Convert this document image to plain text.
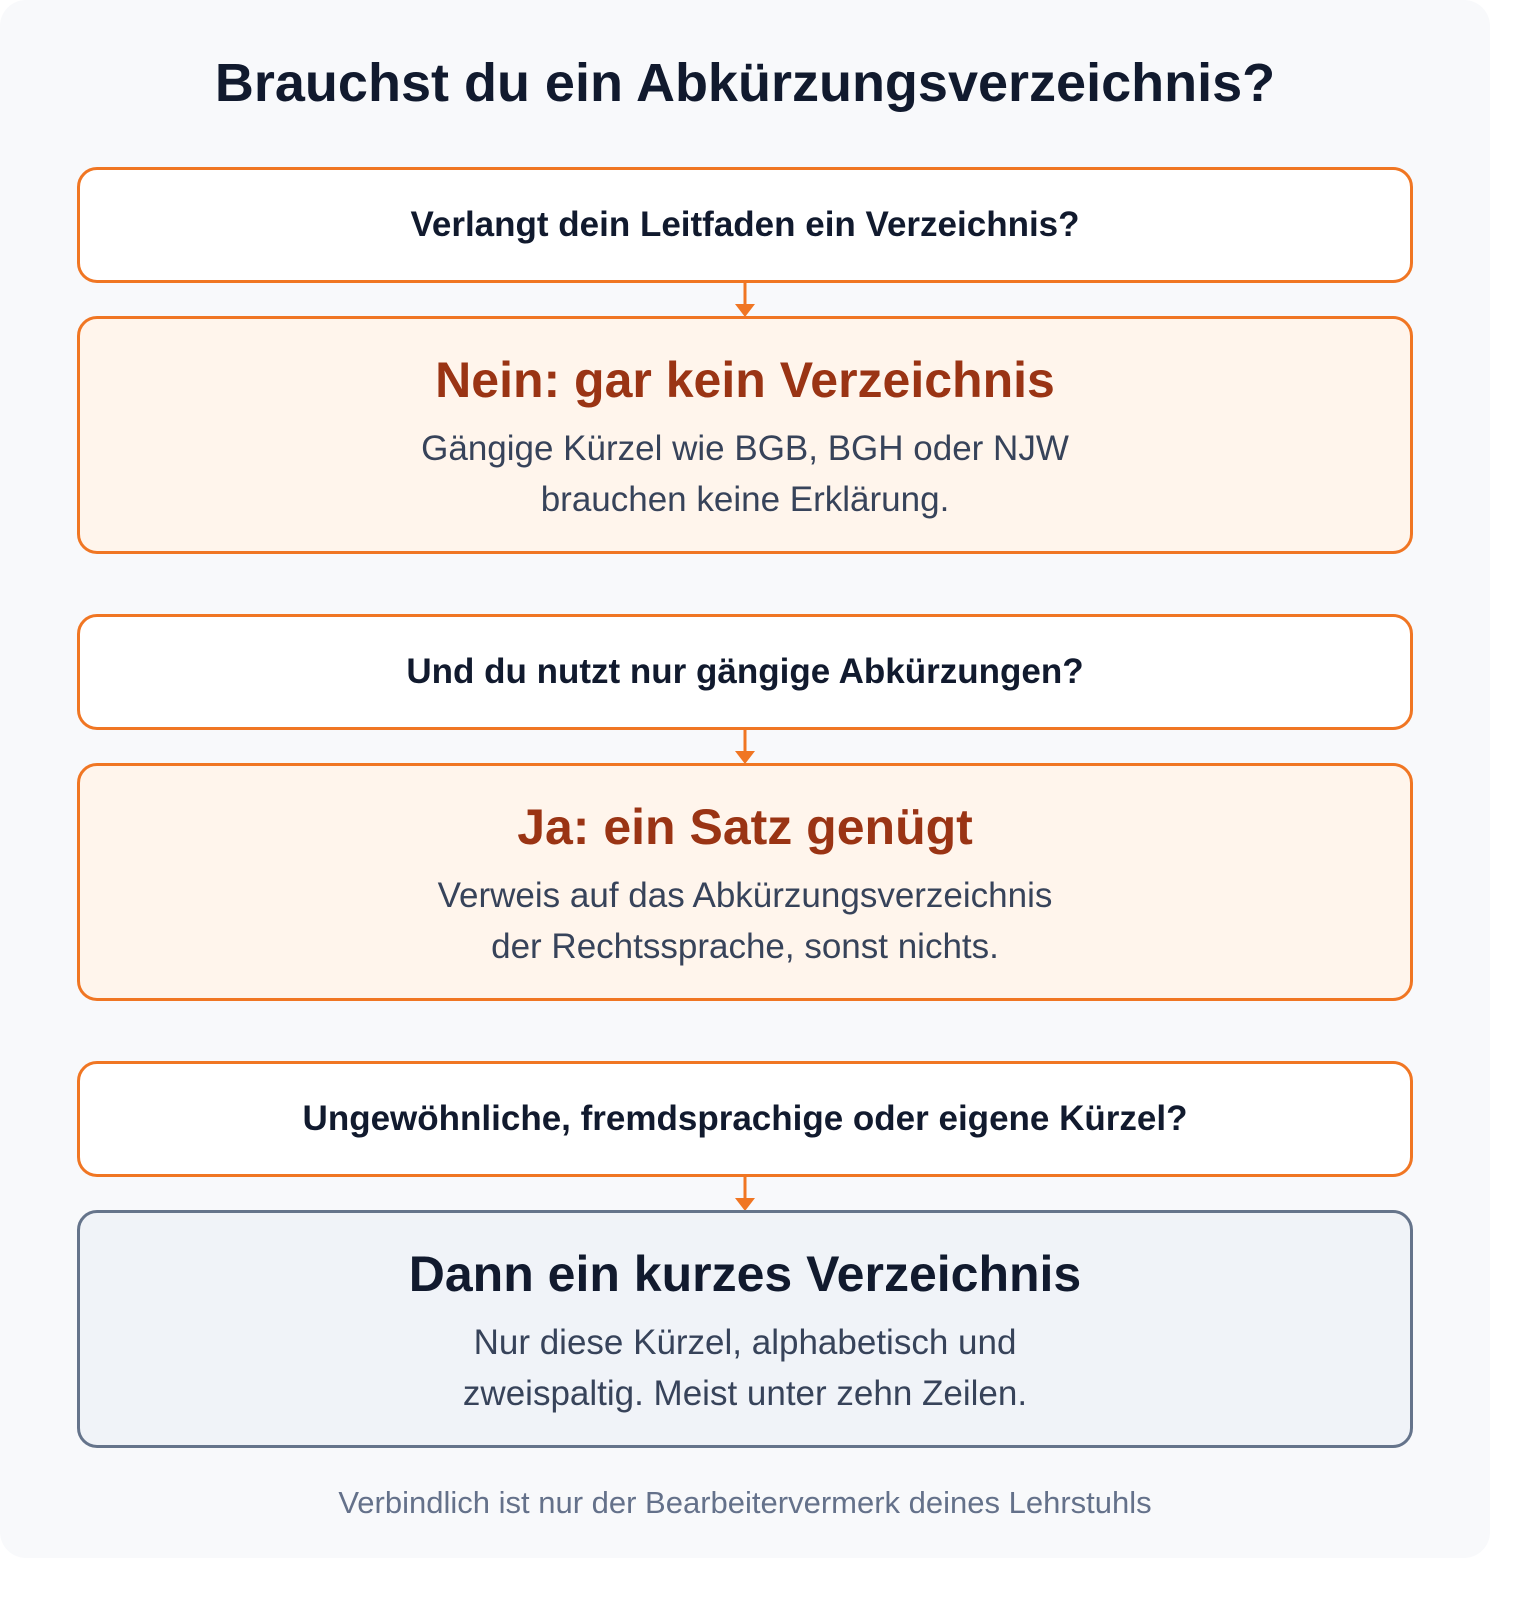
Brauchst du ein Abkürzungsverzeichnis?
Verlangt dein Leitfaden ein Verzeichnis?
Nein: gar kein Verzeichnis
Gängige Kürzel wie BGB, BGH oder NJW
brauchen keine Erklärung.
Und du nutzt nur gängige Abkürzungen?
Ja: ein Satz genügt
Verweis auf das Abkürzungsverzeichnis
der Rechtssprache, sonst nichts.
Ungewöhnliche, fremdsprachige oder eigene Kürzel?
Dann ein kurzes Verzeichnis
Nur diese Kürzel, alphabetisch und
zweispaltig. Meist unter zehn Zeilen.
Verbindlich ist nur der Bearbeitervermerk deines Lehrstuhls
